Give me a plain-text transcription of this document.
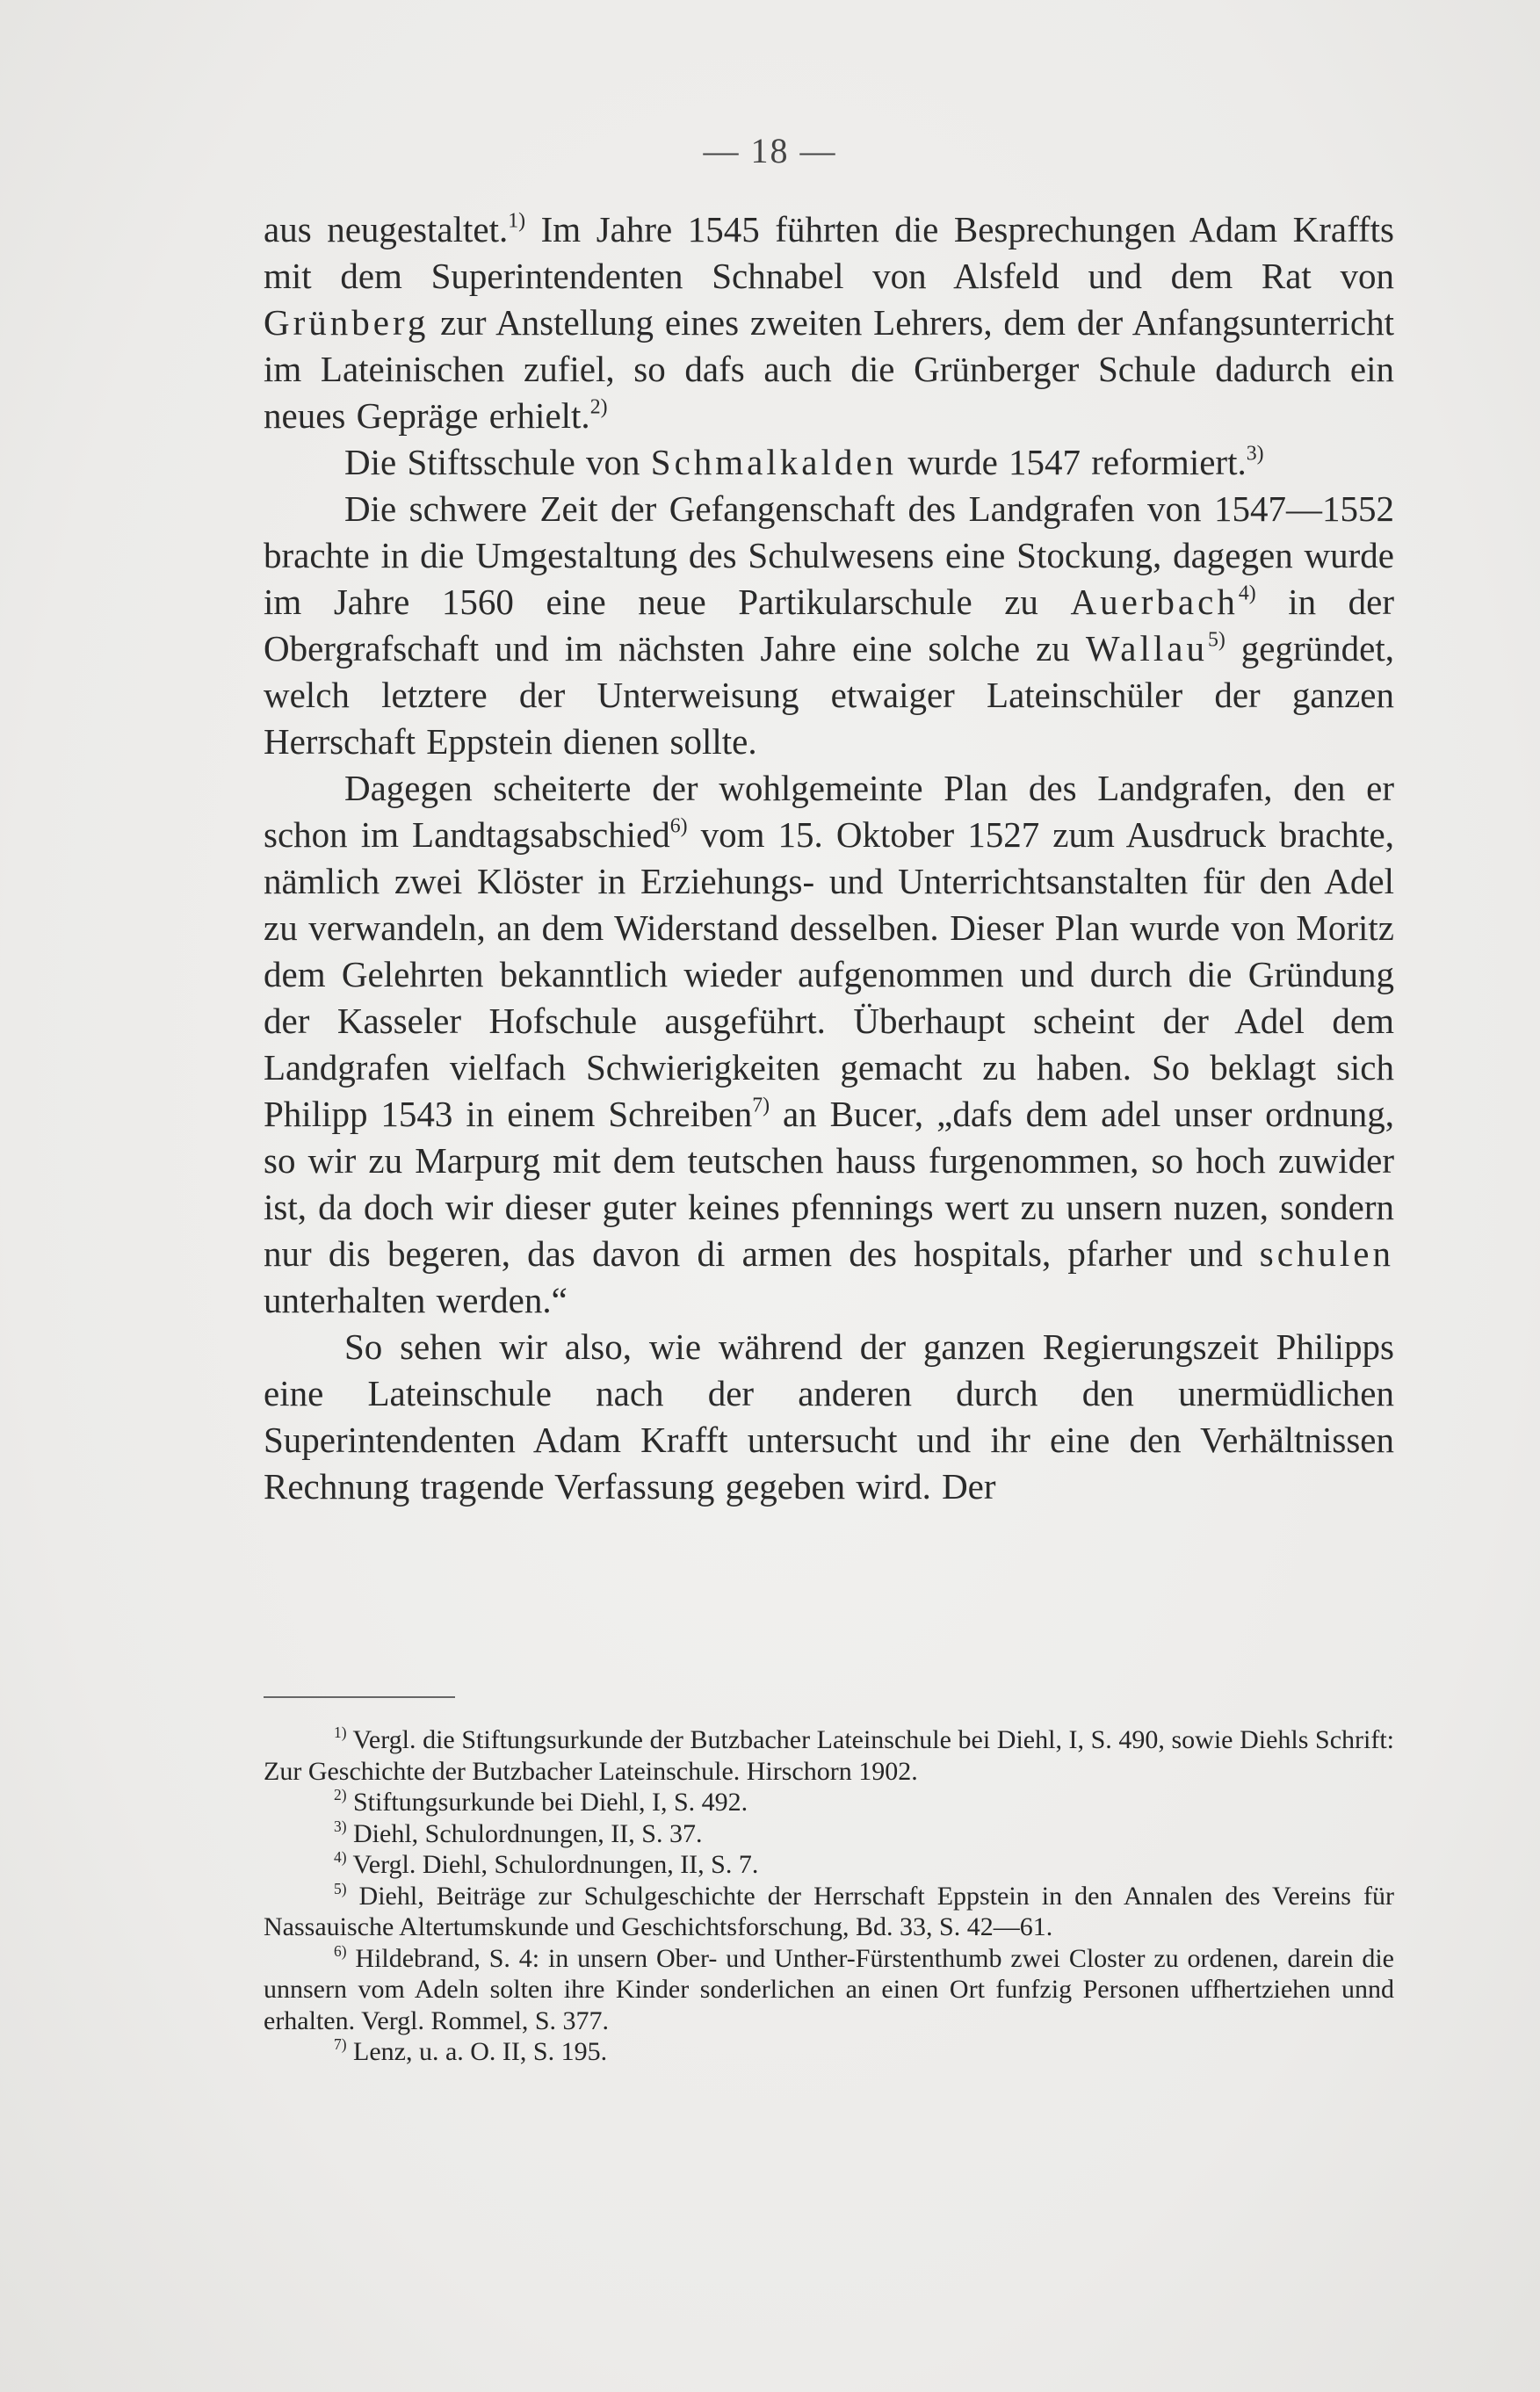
— 18 —

aus neugestaltet.$^{1)}$ Im Jahre 1545 führten die Besprechungen Adam Kraffts mit dem Superintendenten Schnabel von Alsfeld und dem Rat von Grünberg zur Anstellung eines zweiten Lehrers, dem der Anfangsunterricht im Lateinischen zufiel, so dafs auch die Grünberger Schule dadurch ein neues Gepräge erhielt.$^{2)}$

Die Stiftsschule von Schmalkalden wurde 1547 reformiert.$^{3)}$

Die schwere Zeit der Gefangenschaft des Landgrafen von 1547—1552 brachte in die Umgestaltung des Schulwesens eine Stockung, dagegen wurde im Jahre 1560 eine neue Partikularschule zu Auerbach$^{4)}$ in der Obergrafschaft und im nächsten Jahre eine solche zu Wallau$^{5)}$ gegründet, welch letztere der Unterweisung etwaiger Lateinschüler der ganzen Herrschaft Eppstein dienen sollte.

Dagegen scheiterte der wohlgemeinte Plan des Landgrafen, den er schon im Landtagsabschied$^{6)}$ vom 15. Oktober 1527 zum Ausdruck brachte, nämlich zwei Klöster in Erziehungs- und Unterrichtsanstalten für den Adel zu verwandeln, an dem Widerstand desselben. Dieser Plan wurde von Moritz dem Gelehrten bekanntlich wieder aufgenommen und durch die Gründung der Kasseler Hofschule ausgeführt. Überhaupt scheint der Adel dem Landgrafen vielfach Schwierigkeiten gemacht zu haben. So beklagt sich Philipp 1543 in einem Schreiben$^{7)}$ an Bucer, „dafs dem adel unser ordnung, so wir zu Marpurg mit dem teutschen hauss furgenommen, so hoch zuwider ist, da doch wir dieser guter keines pfennings wert zu unsern nuzen, sondern nur dis begeren, das davon di armen des hospitals, pfarher und schulen unterhalten werden.“

So sehen wir also, wie während der ganzen Regierungszeit Philipps eine Lateinschule nach der anderen durch den unermüdlichen Superintendenten Adam Krafft untersucht und ihr eine den Verhältnissen Rechnung tragende Verfassung gegeben wird. Der

$^{1)}$ Vergl. die Stiftungsurkunde der Butzbacher Lateinschule bei Diehl, I, S. 490, sowie Diehls Schrift: Zur Geschichte der Butzbacher Lateinschule. Hirschorn 1902.

$^{2)}$ Stiftungsurkunde bei Diehl, I, S. 492.

$^{3)}$ Diehl, Schulordnungen, II, S. 37.

$^{4)}$ Vergl. Diehl, Schulordnungen, II, S. 7.

$^{5)}$ Diehl, Beiträge zur Schulgeschichte der Herrschaft Eppstein in den Annalen des Vereins für Nassauische Altertumskunde und Geschichtsforschung, Bd. 33, S. 42—61.

$^{6)}$ Hildebrand, S. 4: in unsern Ober- und Unther-Fürstenthumb zwei Closter zu ordenen, darein die unnsern vom Adeln solten ihre Kinder sonderlichen an einen Ort funfzig Personen uffhertziehen unnd erhalten. Vergl. Rommel, S. 377.

$^{7)}$ Lenz, u. a. O. II, S. 195.
